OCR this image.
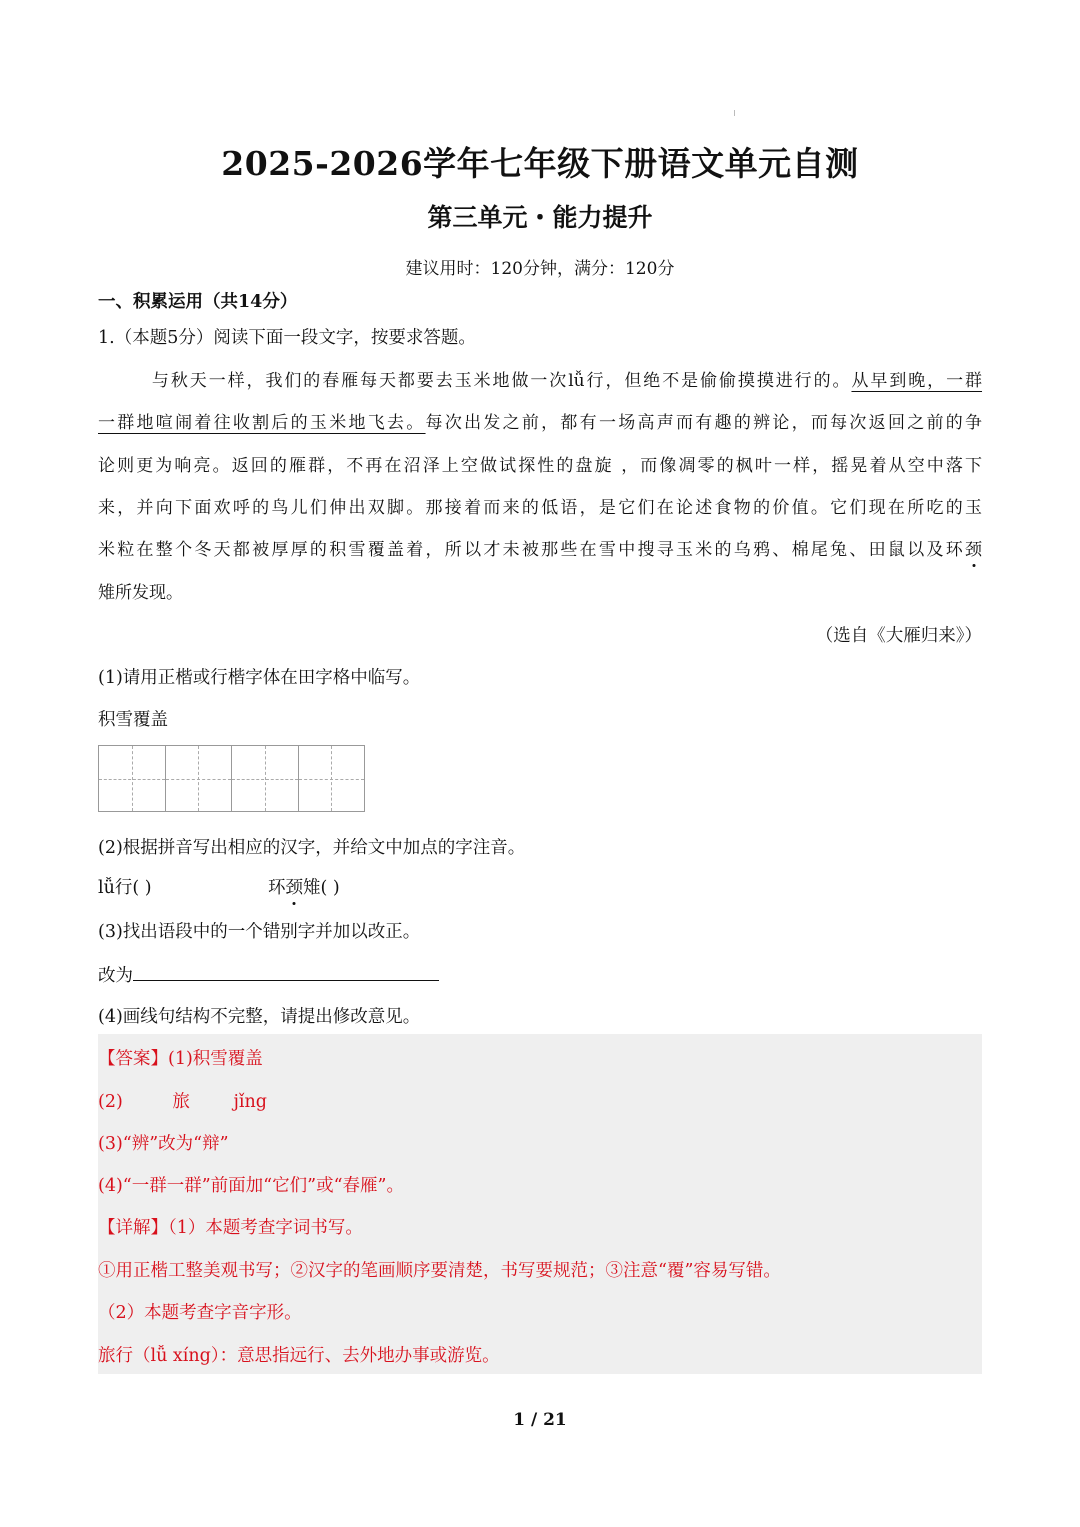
2025-2026学年七年级下册语文单元自测
第三单元・能力提升
建议用时：120分钟，满分：120分
一、积累运用（共14分）
1.（本题5分）阅读下面一段文字，按要求答题。
与秋天一样，我们的春雁每天都要去玉米地做一次lǚ行，但绝不是偷偷摸摸进行的。从早到晚，一群
一群地喧闹着往收割后的玉米地飞去。每次出发之前，都有一场高声而有趣的辨论，而每次返回之前的争
论则更为响亮。返回的雁群，不再在沼泽上空做试探性的盘旋 ，而像凋零的枫叶一样，摇晃着从空中落下
来，并向下面欢呼的鸟儿们伸出双脚。那接着而来的低语，是它们在论述食物的价值。它们现在所吃的玉
米粒在整个冬天都被厚厚的积雪覆盖着，所以才未被那些在雪中搜寻玉米的乌鸦、棉尾兔、田鼠以及环颈
雉所发现。
（选自《大雁归来》）
(1)请用正楷或行楷字体在田字格中临写。
积雪覆盖
(2)根据拼音写出相应的汉字，并给文中加点的字注音。
lǚ行( )	环颈雉( )
(3)找出语段中的一个错别字并加以改正。
改为
(4)画线句结构不完整，请提出修改意见。
【答案】(1)积雪覆盖
(2)	旅 jǐng
(3)“辨”改为“辩”
(4)“一群一群”前面加“它们”或“春雁”。
【详解】（1）本题考查字词书写。
①用正楷工整美观书写；②汉字的笔画顺序要清楚，书写要规范；③注意“覆”容易写错。
（2）本题考查字音字形。
旅行（lǚ xíng）：意思指远行、去外地办事或游览。
1 / 21
